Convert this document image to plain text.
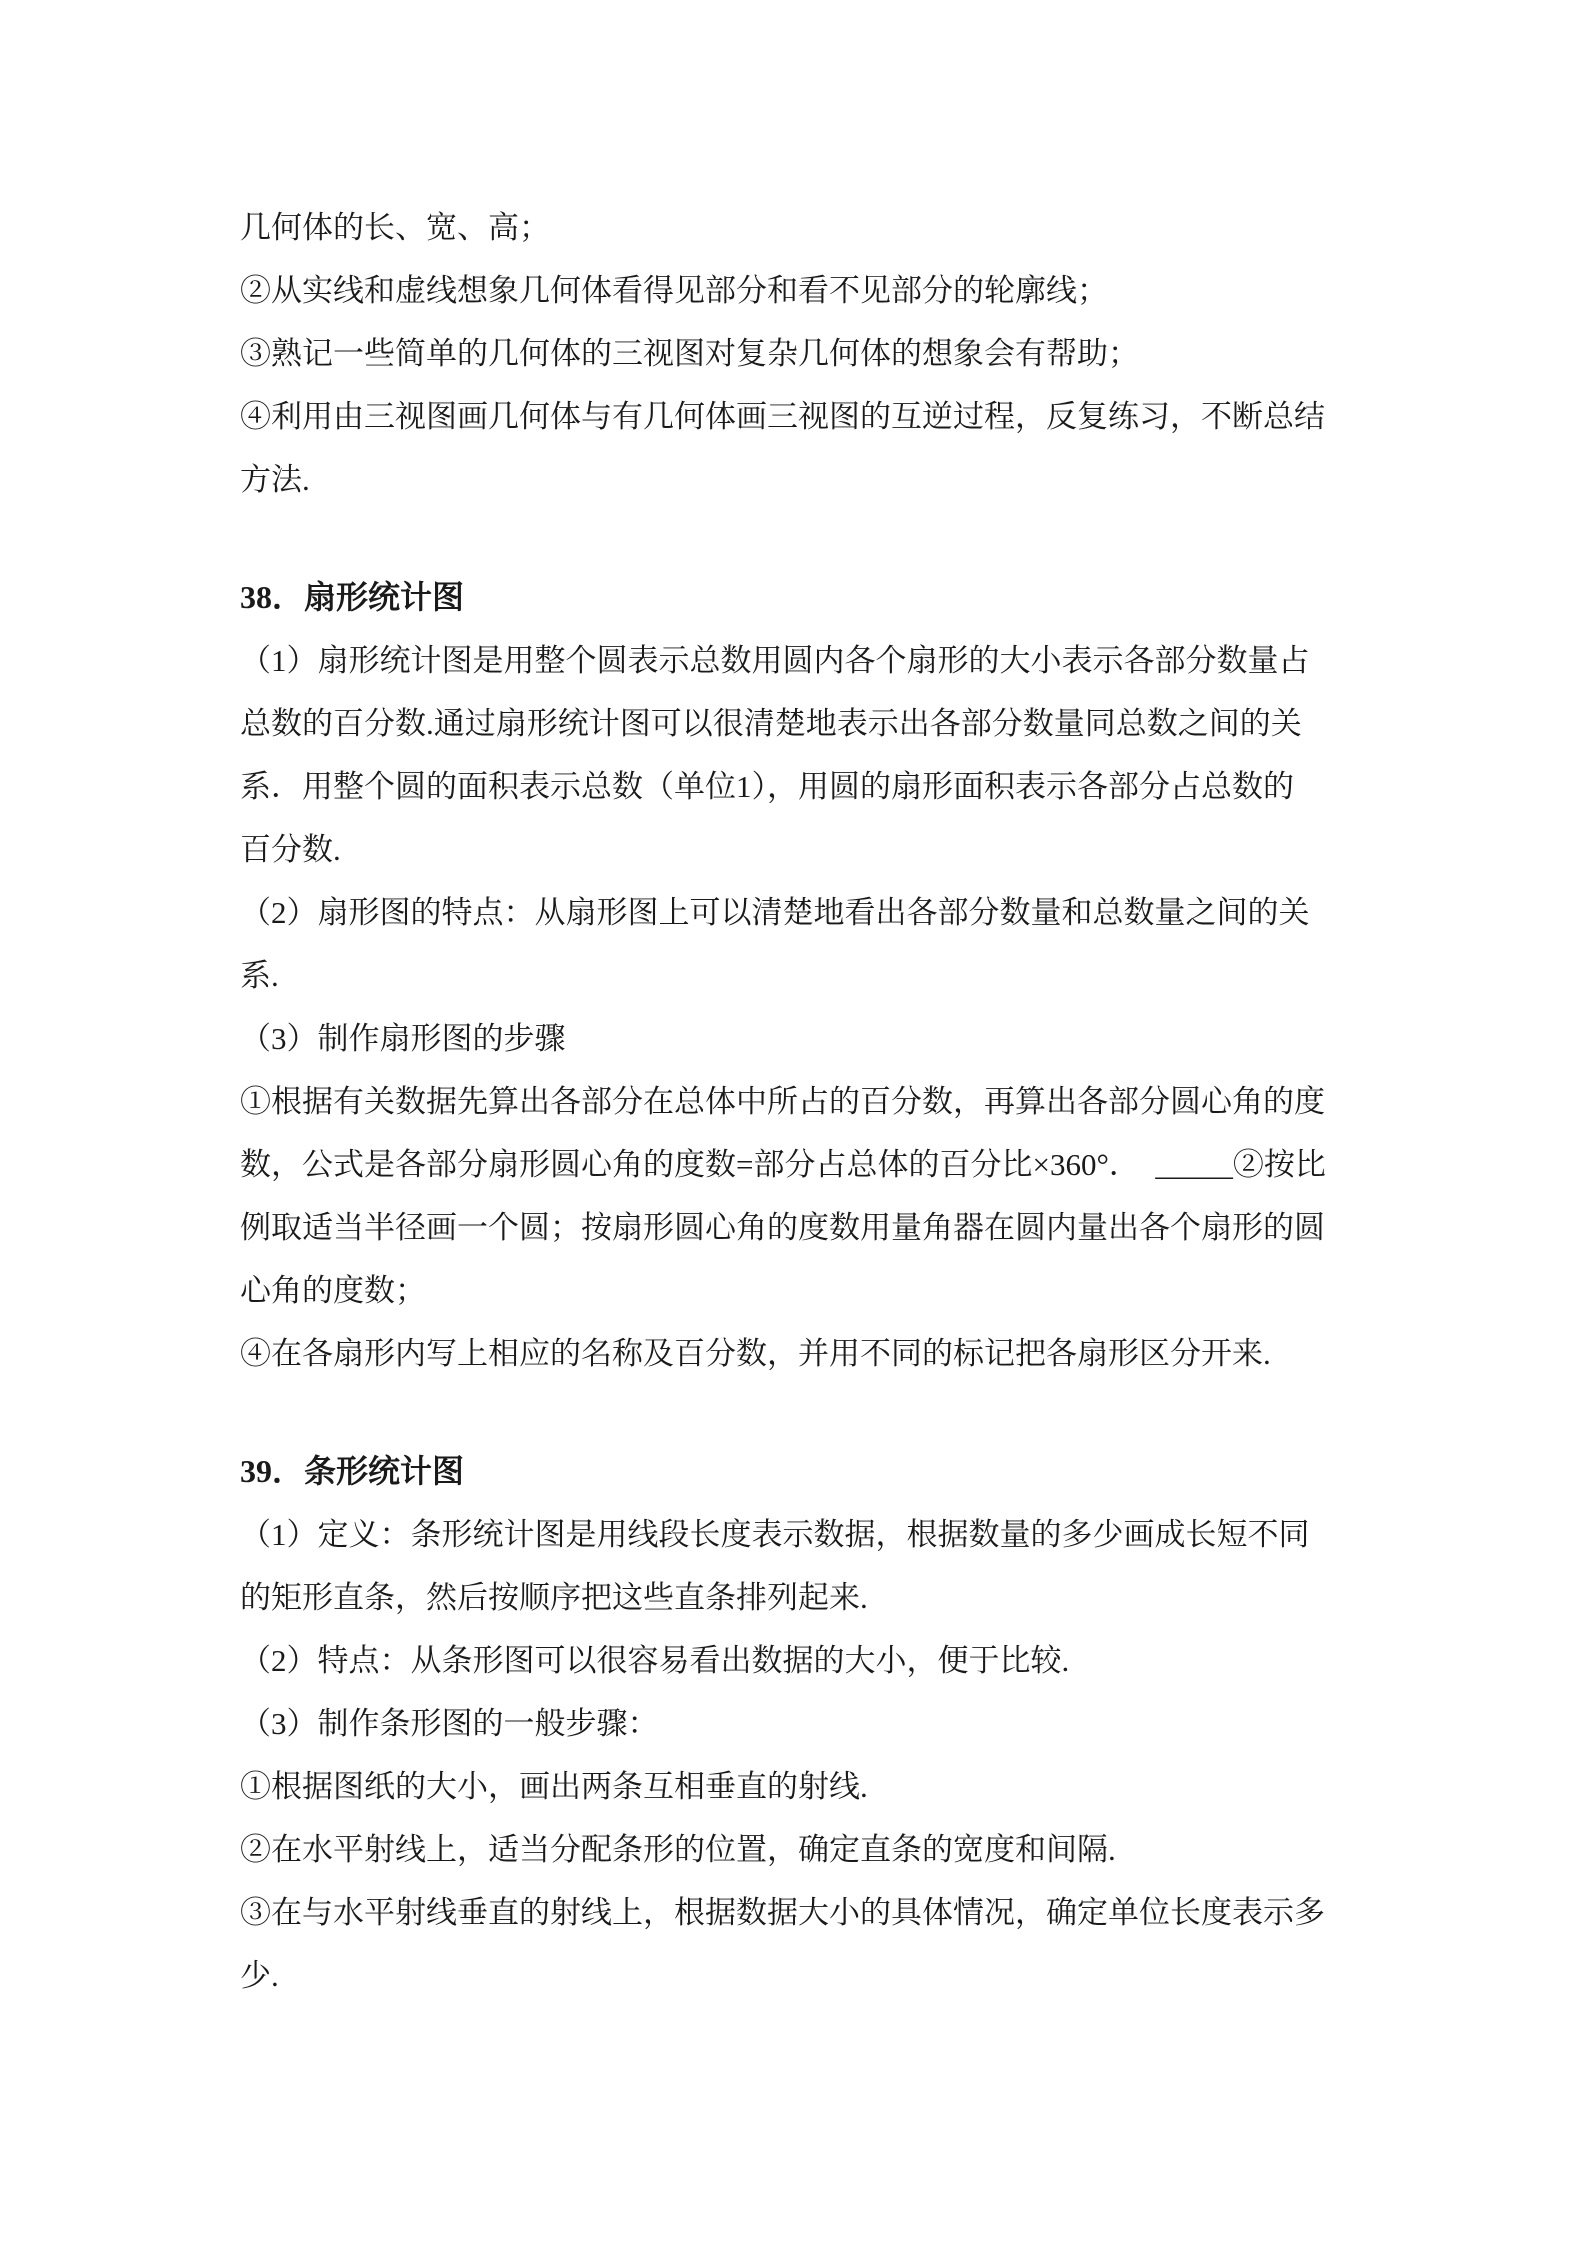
几何体的长、宽、高；
②从实线和虚线想象几何体看得见部分和看不见部分的轮廓线；
③熟记一些简单的几何体的三视图对复杂几何体的想象会有帮助；
④利用由三视图画几何体与有几何体画三视图的互逆过程，反复练习，不断总结
方法.
38．扇形统计图
（1）扇形统计图是用整个圆表示总数用圆内各个扇形的大小表示各部分数量占
总数的百分数.通过扇形统计图可以很清楚地表示出各部分数量同总数之间的关
系．用整个圆的面积表示总数（单位1），用圆的扇形面积表示各部分占总数的
百分数.
（2）扇形图的特点：从扇形图上可以清楚地看出各部分数量和总数量之间的关
系.
（3）制作扇形图的步骤
①根据有关数据先算出各部分在总体中所占的百分数，再算出各部分圆心角的度
数，公式是各部分扇形圆心角的度数=部分占总体的百分比×360°．  _____②按比
例取适当半径画一个圆；按扇形圆心角的度数用量角器在圆内量出各个扇形的圆
心角的度数；
④在各扇形内写上相应的名称及百分数，并用不同的标记把各扇形区分开来.
39．条形统计图
（1）定义：条形统计图是用线段长度表示数据，根据数量的多少画成长短不同
的矩形直条，然后按顺序把这些直条排列起来.
（2）特点：从条形图可以很容易看出数据的大小，便于比较.
（3）制作条形图的一般步骤：
①根据图纸的大小，画出两条互相垂直的射线.
②在水平射线上，适当分配条形的位置，确定直条的宽度和间隔.
③在与水平射线垂直的射线上，根据数据大小的具体情况，确定单位长度表示多
少.
